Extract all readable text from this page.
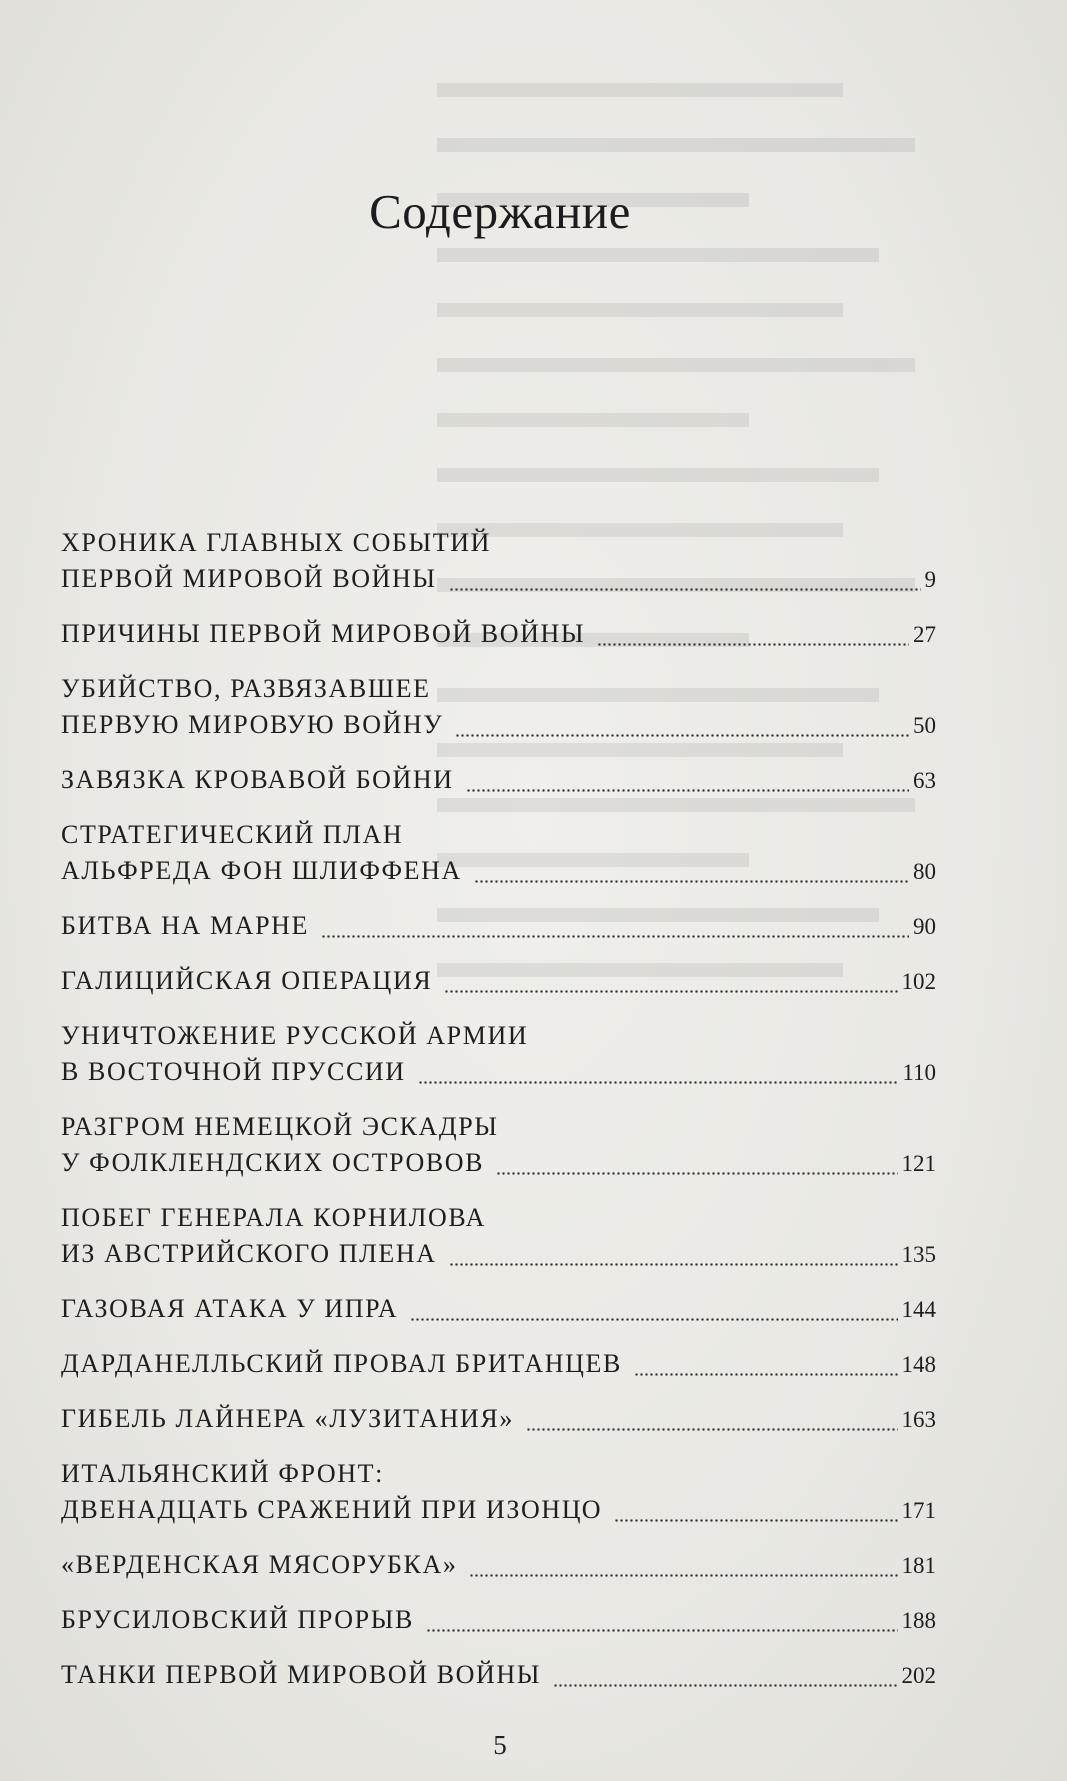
Содержание
ХРОНИКА ГЛАВНЫХ СОБЫТИЙ
ПЕРВОЙ МИРОВОЙ ВОЙНЫ	9
ПРИЧИНЫ ПЕРВОЙ МИРОВОЙ ВОЙНЫ	27
УБИЙСТВО, РАЗВЯЗАВШЕЕ
ПЕРВУЮ МИРОВУЮ ВОЙНУ	50
ЗАВЯЗКА КРОВАВОЙ БОЙНИ	63
СТРАТЕГИЧЕСКИЙ ПЛАН
АЛЬФРЕДА ФОН ШЛИФФЕНА	80
БИТВА НА МАРНЕ	90
ГАЛИЦИЙСКАЯ ОПЕРАЦИЯ	102
УНИЧТОЖЕНИЕ РУССКОЙ АРМИИ
В ВОСТОЧНОЙ ПРУССИИ	110
РАЗГРОМ НЕМЕЦКОЙ ЭСКАДРЫ
У ФОЛКЛЕНДСКИХ ОСТРОВОВ	121
ПОБЕГ ГЕНЕРАЛА КОРНИЛОВА
ИЗ АВСТРИЙСКОГО ПЛЕНА	135
ГАЗОВАЯ АТАКА У ИПРА	144
ДАРДАНЕЛЛЬСКИЙ ПРОВАЛ БРИТАНЦЕВ	148
ГИБЕЛЬ ЛАЙНЕРА «ЛУЗИТАНИЯ»	163
ИТАЛЬЯНСКИЙ ФРОНТ:
ДВЕНАДЦАТЬ СРАЖЕНИЙ ПРИ ИЗОНЦО	171
«ВЕРДЕНСКАЯ МЯСОРУБКА»	181
БРУСИЛОВСКИЙ ПРОРЫВ	188
ТАНКИ ПЕРВОЙ МИРОВОЙ ВОЙНЫ	202
5
